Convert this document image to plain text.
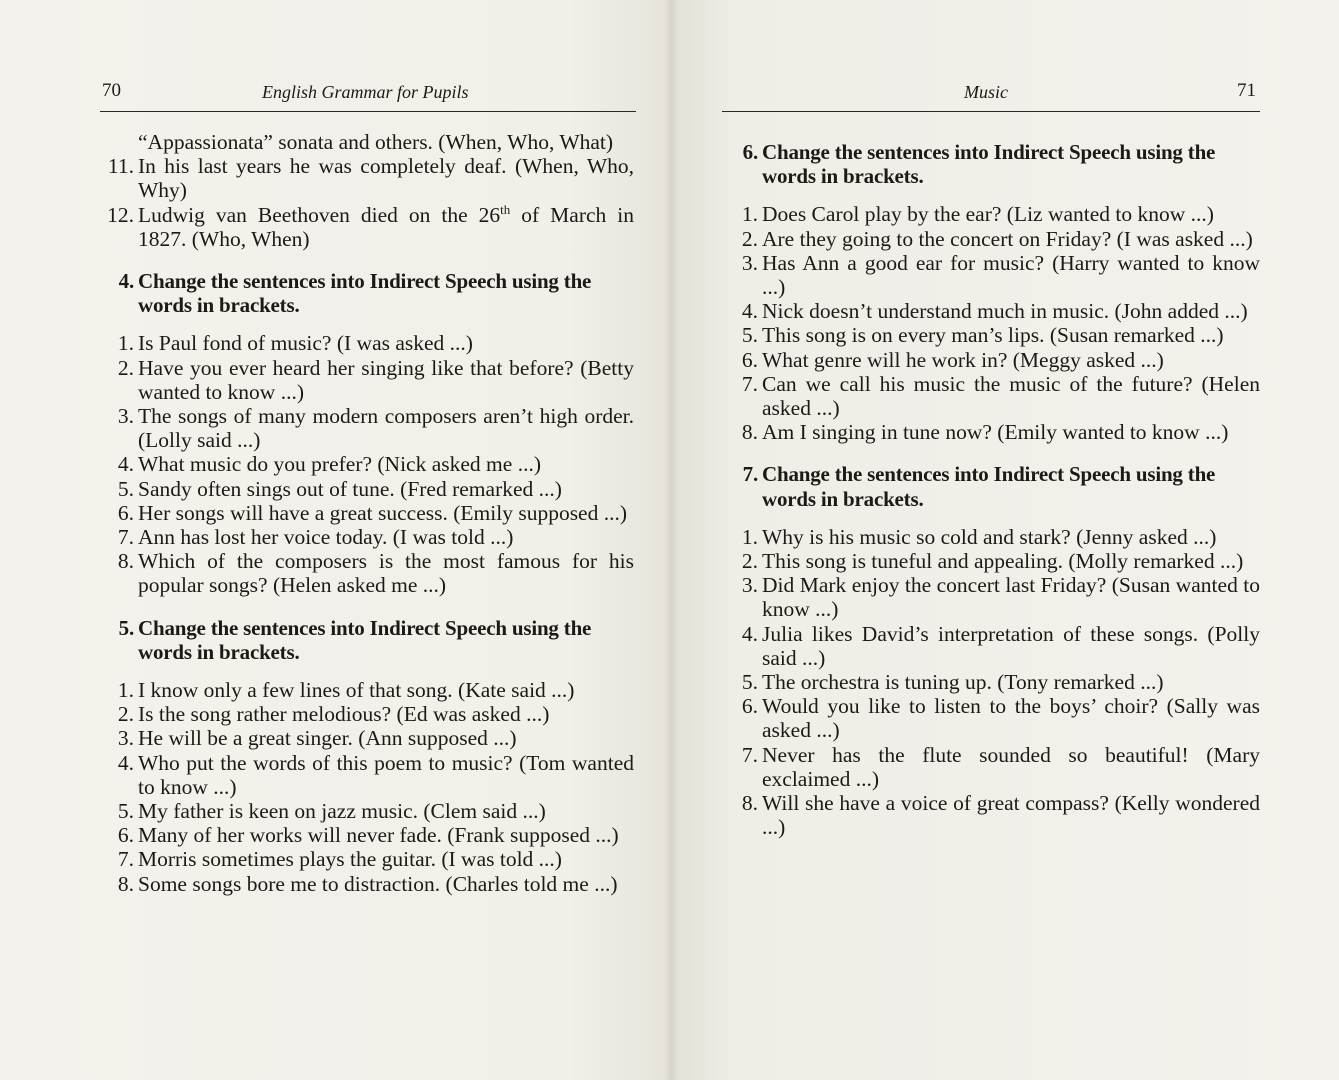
70	English Grammar for Pupils
“Appassionata” sonata and others. (When, Who, What)
11. In his last years he was completely deaf. (When, Who, Why)
12. Ludwig van Beethoven died on the 26th of March in 1827. (Who, When)
4. Change the sentences into Indirect Speech using the words in brackets.
1. Is Paul fond of music? (I was asked ...)
2. Have you ever heard her singing like that before? (Betty wanted to know ...)
3. The songs of many modern composers aren’t high order. (Lolly said ...)
4. What music do you prefer? (Nick asked me ...)
5. Sandy often sings out of tune. (Fred remarked ...)
6. Her songs will have a great success. (Emily supposed ...)
7. Ann has lost her voice today. (I was told ...)
8. Which of the composers is the most famous for his popular songs? (Helen asked me ...)
5. Change the sentences into Indirect Speech using the words in brackets.
1. I know only a few lines of that song. (Kate said ...)
2. Is the song rather melodious? (Ed was asked ...)
3. He will be a great singer. (Ann supposed ...)
4. Who put the words of this poem to music? (Tom wanted to know ...)
5. My father is keen on jazz music. (Clem said ...)
6. Many of her works will never fade. (Frank supposed ...)
7. Morris sometimes plays the guitar. (I was told ...)
8. Some songs bore me to distraction. (Charles told me ...)
Music	71
6. Change the sentences into Indirect Speech using the words in brackets.
1. Does Carol play by the ear? (Liz wanted to know ...)
2. Are they going to the concert on Friday? (I was asked ...)
3. Has Ann a good ear for music? (Harry wanted to know ...)
4. Nick doesn’t understand much in music. (John added ...)
5. This song is on every man’s lips. (Susan remarked ...)
6. What genre will he work in? (Meggy asked ...)
7. Can we call his music the music of the future? (Helen asked ...)
8. Am I singing in tune now? (Emily wanted to know ...)
7. Change the sentences into Indirect Speech using the words in brackets.
1. Why is his music so cold and stark? (Jenny asked ...)
2. This song is tuneful and appealing. (Molly remarked ...)
3. Did Mark enjoy the concert last Friday? (Susan wanted to know ...)
4. Julia likes David’s interpretation of these songs. (Polly said ...)
5. The orchestra is tuning up. (Tony remarked ...)
6. Would you like to listen to the boys’ choir? (Sally was asked ...)
7. Never has the flute sounded so beautiful! (Mary exclaimed ...)
8. Will she have a voice of great compass? (Kelly wondered ...)
